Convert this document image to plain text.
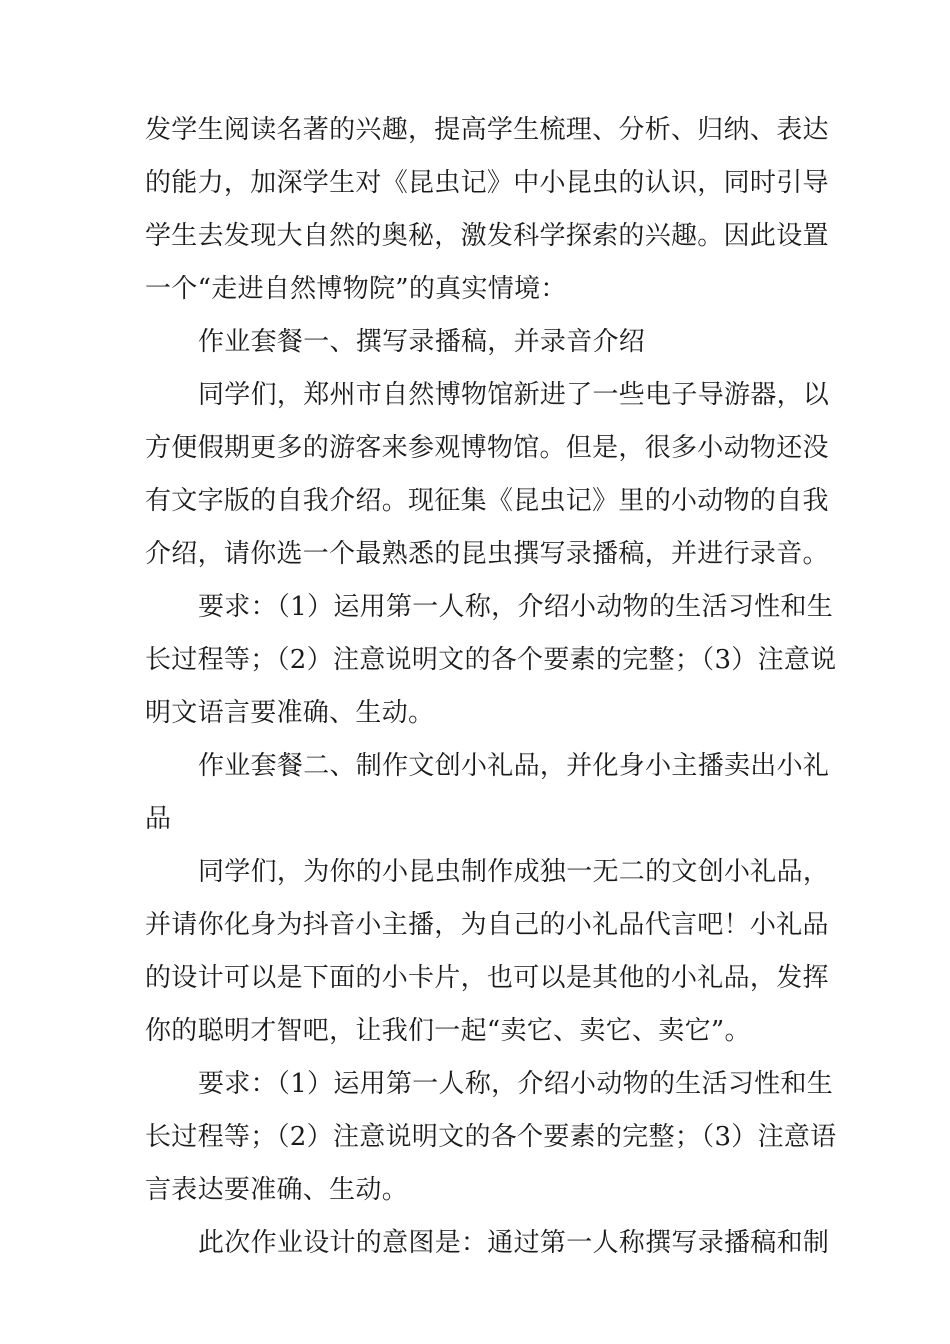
发学生阅读名著的兴趣，提高学生梳理、分析、归纳、表达
的能力，加深学生对《昆虫记》中小昆虫的认识，同时引导
学生去发现大自然的奥秘，激发科学探索的兴趣。因此设置
一个“走进自然博物院”的真实情境：
作业套餐一、撰写录播稿，并录音介绍
同学们，郑州市自然博物馆新进了一些电子导游器，以
方便假期更多的游客来参观博物馆。但是，很多小动物还没
有文字版的自我介绍。现征集《昆虫记》里的小动物的自我
介绍，请你选一个最熟悉的昆虫撰写录播稿，并进行录音。
要求：（1）运用第一人称，介绍小动物的生活习性和生
长过程等；（2）注意说明文的各个要素的完整；（3）注意说
明文语言要准确、生动。
作业套餐二、制作文创小礼品，并化身小主播卖出小礼
品
同学们，为你的小昆虫制作成独一无二的文创小礼品，
并请你化身为抖音小主播，为自己的小礼品代言吧！小礼品
的设计可以是下面的小卡片，也可以是其他的小礼品，发挥
你的聪明才智吧，让我们一起“卖它、卖它、卖它”。
要求：（1）运用第一人称，介绍小动物的生活习性和生
长过程等；（2）注意说明文的各个要素的完整；（3）注意语
言表达要准确、生动。
此次作业设计的意图是：通过第一人称撰写录播稿和制
